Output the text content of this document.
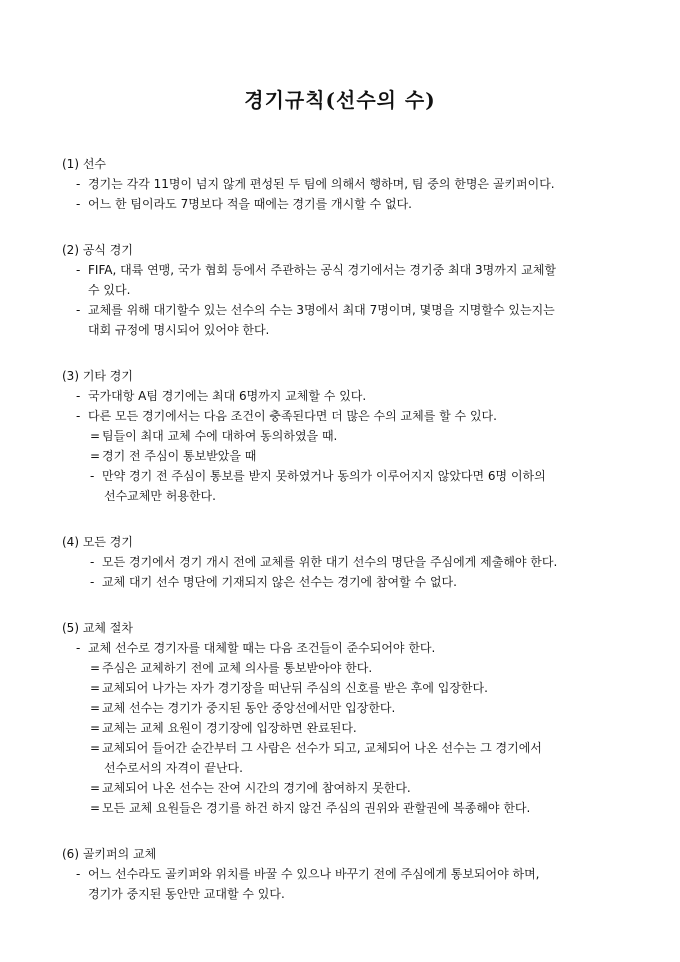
경기규칙(선수의 수)
(1) 선수
- 경기는 각각 11명이 넘지 않게 편성된 두 팀에 의해서 행하며, 팀 중의 한명은 골키퍼이다.
- 어느 한 팀이라도 7명보다 적을 때에는 경기를 개시할 수 없다.
(2) 공식 경기
- FIFA, 대륙 연맹, 국가 협회 등에서 주관하는 공식 경기에서는 경기중 최대 3명까지 교체할
수 있다.
- 교체를 위해 대기할수 있는 선수의 수는 3명에서 최대 7명이며, 몇명을 지명할수 있는지는
대회 규정에 명시되어 있어야 한다.
(3) 기타 경기
- 국가대항 A팀 경기에는 최대 6명까지 교체할 수 있다.
- 다른 모든 경기에서는 다음 조건이 충족된다면 더 많은 수의 교체를 할 수 있다.
= 팀들이 최대 교체 수에 대하여 동의하였을 때.
= 경기 전 주심이 통보받았을 때
- 만약 경기 전 주심이 통보를 받지 못하였거나 동의가 이루어지지 않았다면 6명 이하의
선수교체만 허용한다.
(4) 모든 경기
- 모든 경기에서 경기 개시 전에 교체를 위한 대기 선수의 명단을 주심에게 제출해야 한다.
- 교체 대기 선수 명단에 기재되지 않은 선수는 경기에 참여할 수 없다.
(5) 교체 절차
- 교체 선수로 경기자를 대체할 때는 다음 조건들이 준수되어야 한다.
= 주심은 교체하기 전에 교체 의사를 통보받아야 한다.
= 교체되어 나가는 자가 경기장을 떠난뒤 주심의 신호를 받은 후에 입장한다.
= 교체 선수는 경기가 중지된 동안 중앙선에서만 입장한다.
= 교체는 교체 요원이 경기장에 입장하면 완료된다.
= 교체되어 들어간 순간부터 그 사람은 선수가 되고, 교체되어 나온 선수는 그 경기에서
선수로서의 자격이 끝난다.
= 교체되어 나온 선수는 잔여 시간의 경기에 참여하지 못한다.
= 모든 교체 요원들은 경기를 하건 하지 않건 주심의 권위와 관할권에 복종해야 한다.
(6) 골키퍼의 교체
- 어느 선수라도 골키퍼와 위치를 바꿀 수 있으나 바꾸기 전에 주심에게 통보되어야 하며,
경기가 중지된 동안만 교대할 수 있다.
